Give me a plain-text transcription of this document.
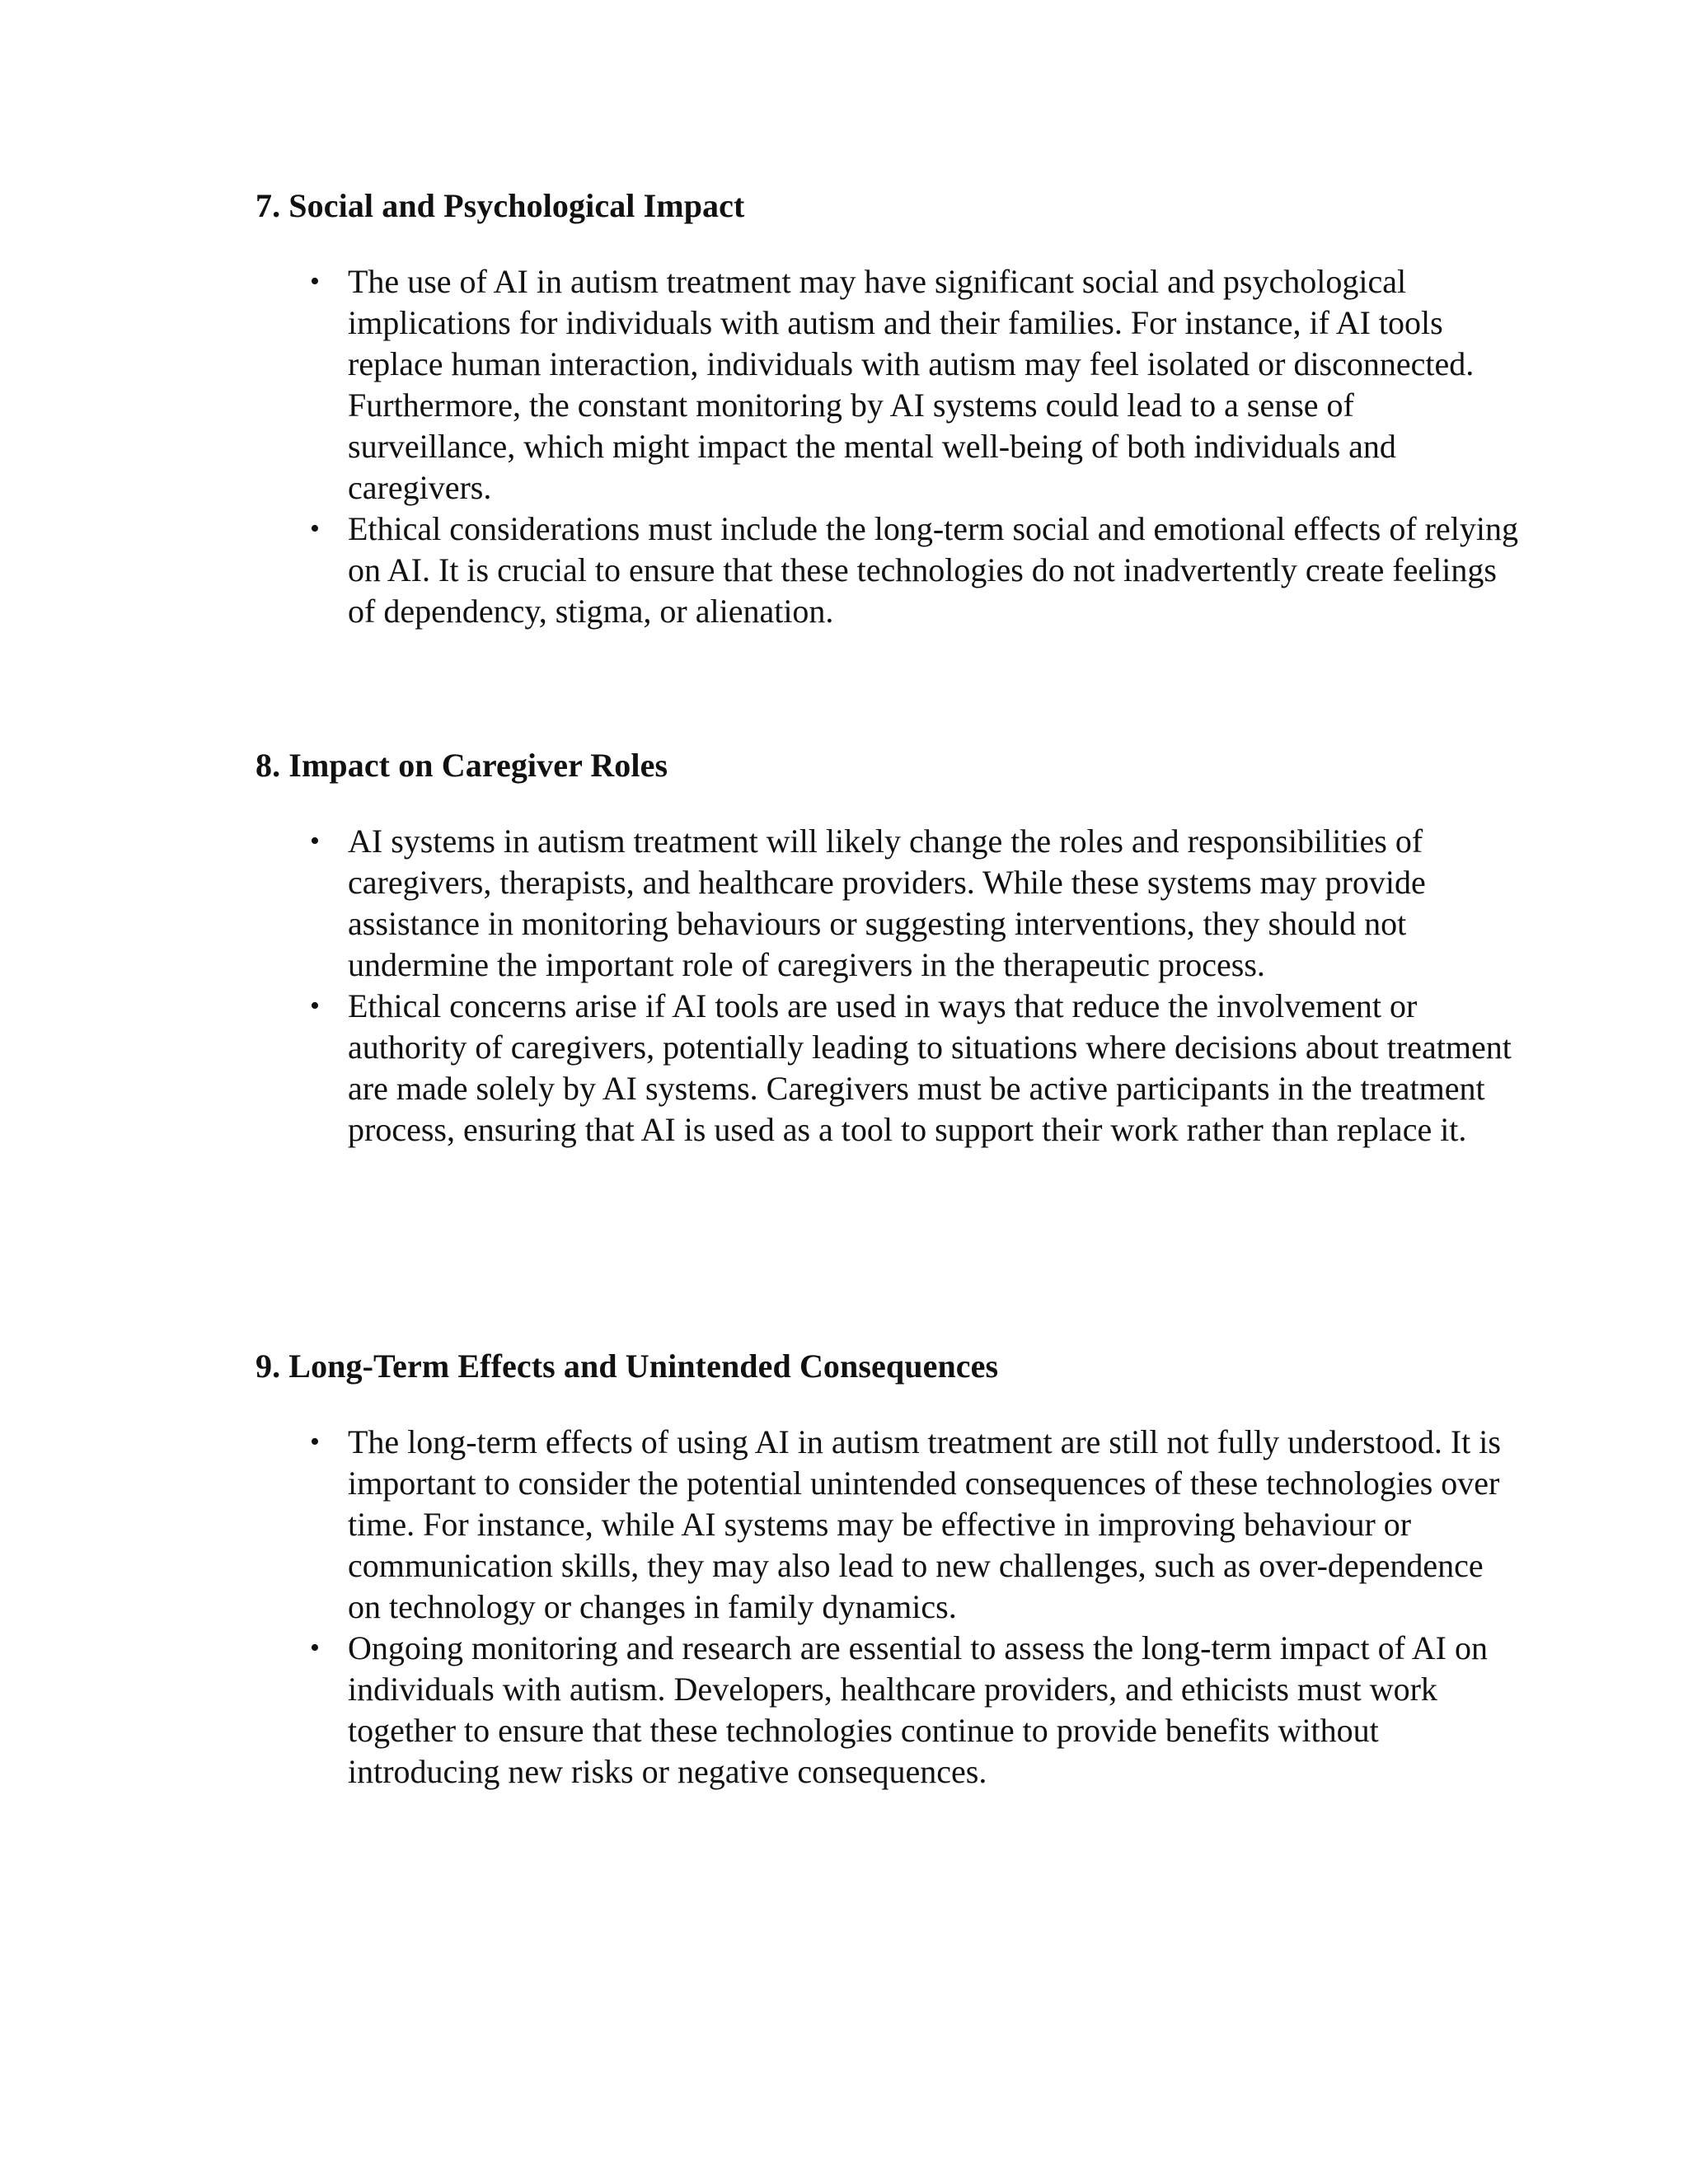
7. Social and Psychological Impact
• The use of AI in autism treatment may have significant social and psychological implications for individuals with autism and their families. For instance, if AI tools replace human interaction, individuals with autism may feel isolated or disconnected. Furthermore, the constant monitoring by AI systems could lead to a sense of surveillance, which might impact the mental well-being of both individuals and caregivers.
• Ethical considerations must include the long-term social and emotional effects of relying on AI. It is crucial to ensure that these technologies do not inadvertently create feelings of dependency, stigma, or alienation.
8. Impact on Caregiver Roles
• AI systems in autism treatment will likely change the roles and responsibilities of caregivers, therapists, and healthcare providers. While these systems may provide assistance in monitoring behaviours or suggesting interventions, they should not undermine the important role of caregivers in the therapeutic process.
• Ethical concerns arise if AI tools are used in ways that reduce the involvement or authority of caregivers, potentially leading to situations where decisions about treatment are made solely by AI systems. Caregivers must be active participants in the treatment process, ensuring that AI is used as a tool to support their work rather than replace it.
9. Long-Term Effects and Unintended Consequences
• The long-term effects of using AI in autism treatment are still not fully understood. It is important to consider the potential unintended consequences of these technologies over time. For instance, while AI systems may be effective in improving behaviour or communication skills, they may also lead to new challenges, such as over-dependence on technology or changes in family dynamics.
• Ongoing monitoring and research are essential to assess the long-term impact of AI on individuals with autism. Developers, healthcare providers, and ethicists must work together to ensure that these technologies continue to provide benefits without introducing new risks or negative consequences.
